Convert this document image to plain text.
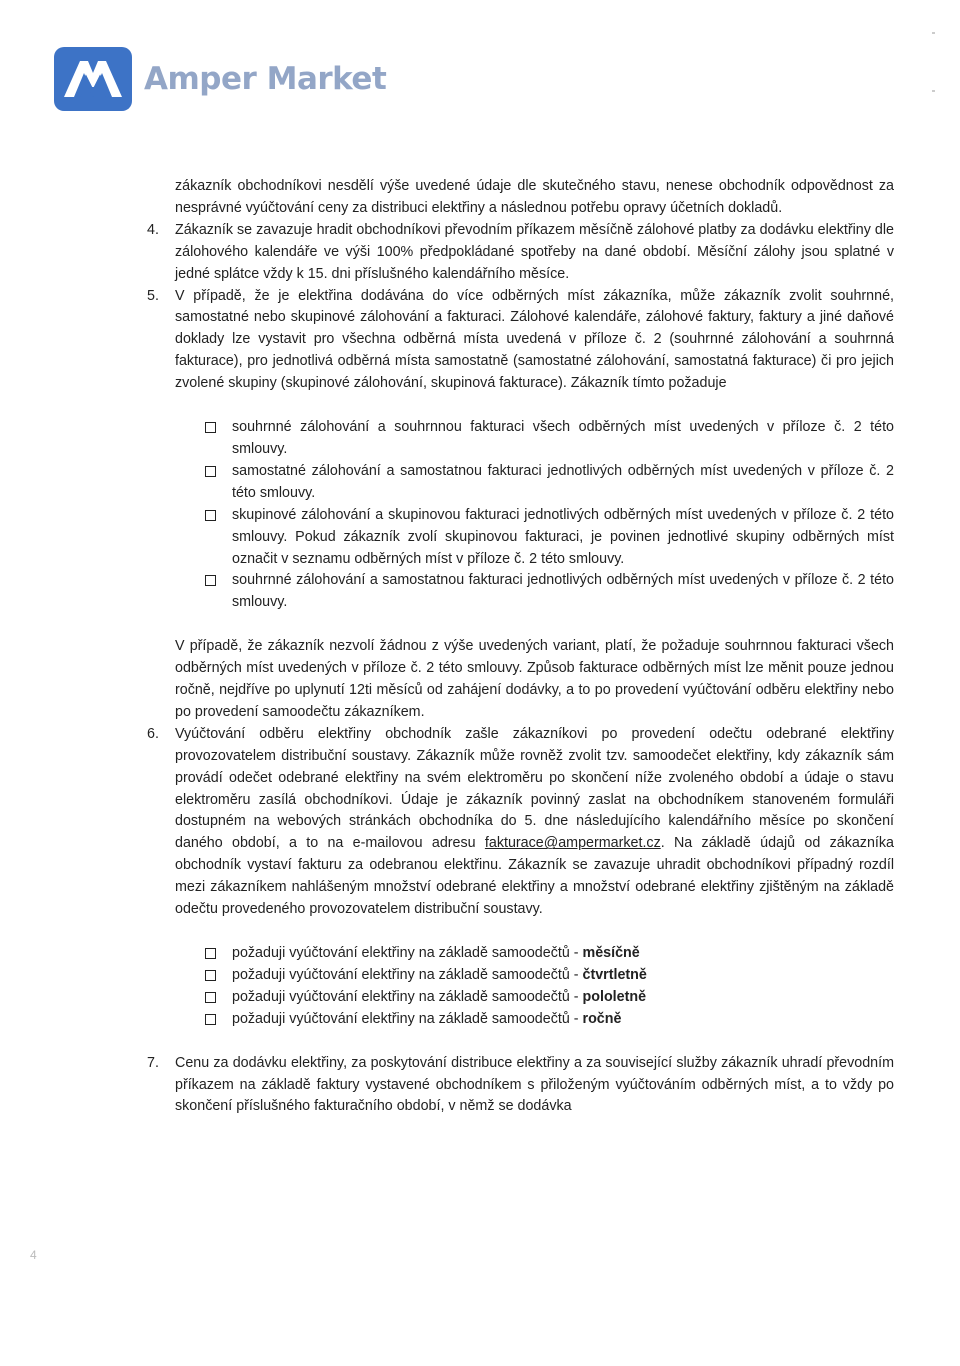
Amper Market

zákazník obchodníkovi nesdělí výše uvedené údaje dle skutečného stavu, nenese obchodník odpovědnost za nesprávné vyúčtování ceny za distribuci elektřiny a následnou potřebu opravy účetních dokladů.

4.	Zákazník se zavazuje hradit obchodníkovi převodním příkazem měsíčně zálohové platby za dodávku elektřiny dle zálohového kalendáře ve výši 100% předpokládané spotřeby na dané období. Měsíční zálohy jsou splatné v jedné splátce vždy k 15. dni příslušného kalendářního měsíce.

5.	V případě, že je elektřina dodávána do více odběrných míst zákazníka, může zákazník zvolit souhrnné, samostatné nebo skupinové zálohování a fakturaci. Zálohové kalendáře, zálohové faktury, faktury a jiné daňové doklady lze vystavit pro všechna odběrná místa uvedená v příloze č. 2 (souhrnné zálohování a souhrnná fakturace), pro jednotlivá odběrná místa samostatně (samostatné zálohování, samostatná fakturace) či pro jejich zvolené skupiny (skupinové zálohování, skupinová fakturace). Zákazník tímto požaduje

souhrnné zálohování a souhrnnou fakturaci všech odběrných míst uvedených v příloze č. 2 této smlouvy.
samostatné zálohování a samostatnou fakturaci jednotlivých odběrných míst uvedených v příloze č. 2 této smlouvy.
skupinové zálohování a skupinovou fakturaci jednotlivých odběrných míst uvedených v příloze č. 2 této smlouvy. Pokud zákazník zvolí skupinovou fakturaci, je povinen jednotlivé skupiny odběrných míst označit v seznamu odběrných míst v příloze č. 2 této smlouvy.
souhrnné zálohování a samostatnou fakturaci jednotlivých odběrných míst uvedených v příloze č. 2 této smlouvy.

V případě, že zákazník nezvolí žádnou z výše uvedených variant, platí, že požaduje souhrnnou fakturaci všech odběrných míst uvedených v příloze č. 2 této smlouvy. Způsob fakturace odběrných míst lze měnit pouze jednou ročně, nejdříve po uplynutí 12ti měsíců od zahájení dodávky, a to po provedení vyúčtování odběru elektřiny nebo po provedení samoodečtu zákazníkem.

6.	Vyúčtování odběru elektřiny obchodník zašle zákazníkovi po provedení odečtu odebrané elektřiny provozovatelem distribuční soustavy. Zákazník může rovněž zvolit tzv. samoodečet elektřiny, kdy zákazník sám provádí odečet odebrané elektřiny na svém elektroměru po skončení níže zvoleného období a údaje o stavu elektroměru zasílá obchodníkovi. Údaje je zákazník povinný zaslat na obchodníkem stanoveném formuláři dostupném na webových stránkách obchodníka do 5. dne následujícího kalendářního měsíce po skončení daného období, a to na e-mailovou adresu fakturace@ampermarket.cz. Na základě údajů od zákazníka obchodník vystaví fakturu za odebranou elektřinu. Zákazník se zavazuje uhradit obchodníkovi případný rozdíl mezi zákazníkem nahlášeným množství odebrané elektřiny a množství odebrané elektřiny zjištěným na základě odečtu provedeného provozovatelem distribuční soustavy.

požaduji vyúčtování elektřiny na základě samoodečtů - měsíčně
požaduji vyúčtování elektřiny na základě samoodečtů - čtvrtletně
požaduji vyúčtování elektřiny na základě samoodečtů - pololetně
požaduji vyúčtování elektřiny na základě samoodečtů - ročně
7.	Cenu za dodávku elektřiny, za poskytování distribuce elektřiny a za související služby zákazník uhradí převodním příkazem na základě faktury vystavené obchodníkem s přiloženým vyúčtováním odběrných míst, a to vždy po skončení příslušného fakturačního období, v němž se dodávka

4
